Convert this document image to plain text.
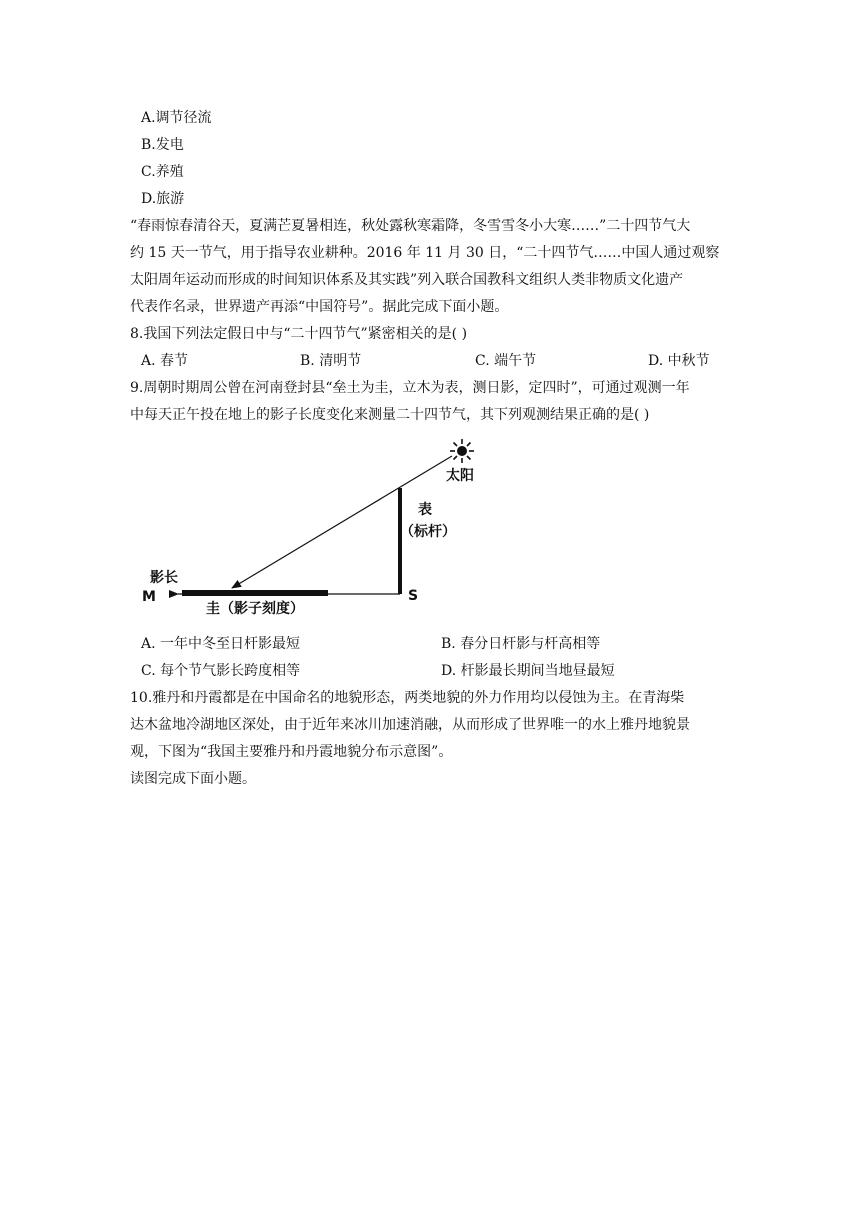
A.调节径流
B.发电
C.养殖
D.旅游
“春雨惊春清谷天，夏满芒夏暑相连，秋处露秋寒霜降，冬雪雪冬小大寒……”二十四节气大
约 15 天一节气，用于指导农业耕种。2016 年 11 月 30 日，“二十四节气……中国人通过观察
太阳周年运动而形成的时间知识体系及其实践”列入联合国教科文组织人类非物质文化遗产
代表作名录，世界遗产再添“中国符号”。据此完成下面小题。
8.我国下列法定假日中与“二十四节气”紧密相关的是( )
A. 春节	B. 清明节	C. 端午节	D. 中秋节
9.周朝时期周公曾在河南登封县“垒土为圭，立木为表，测日影，定四时”，可通过观测一年
中每天正午投在地上的影子长度变化来测量二十四节气，其下列观测结果正确的是( )
太阳
表
（标杆）
影长
M	S
圭（影子刻度）
A. 一年中冬至日杆影最短	B. 春分日杆影与杆高相等
C. 每个节气影长跨度相等	D. 杆影最长期间当地昼最短
10.雅丹和丹霞都是在中国命名的地貌形态，两类地貌的外力作用均以侵蚀为主。在青海柴
达木盆地冷湖地区深处，由于近年来冰川加速消融，从而形成了世界唯一的水上雅丹地貌景
观，下图为“我国主要雅丹和丹霞地貌分布示意图”。
读图完成下面小题。
